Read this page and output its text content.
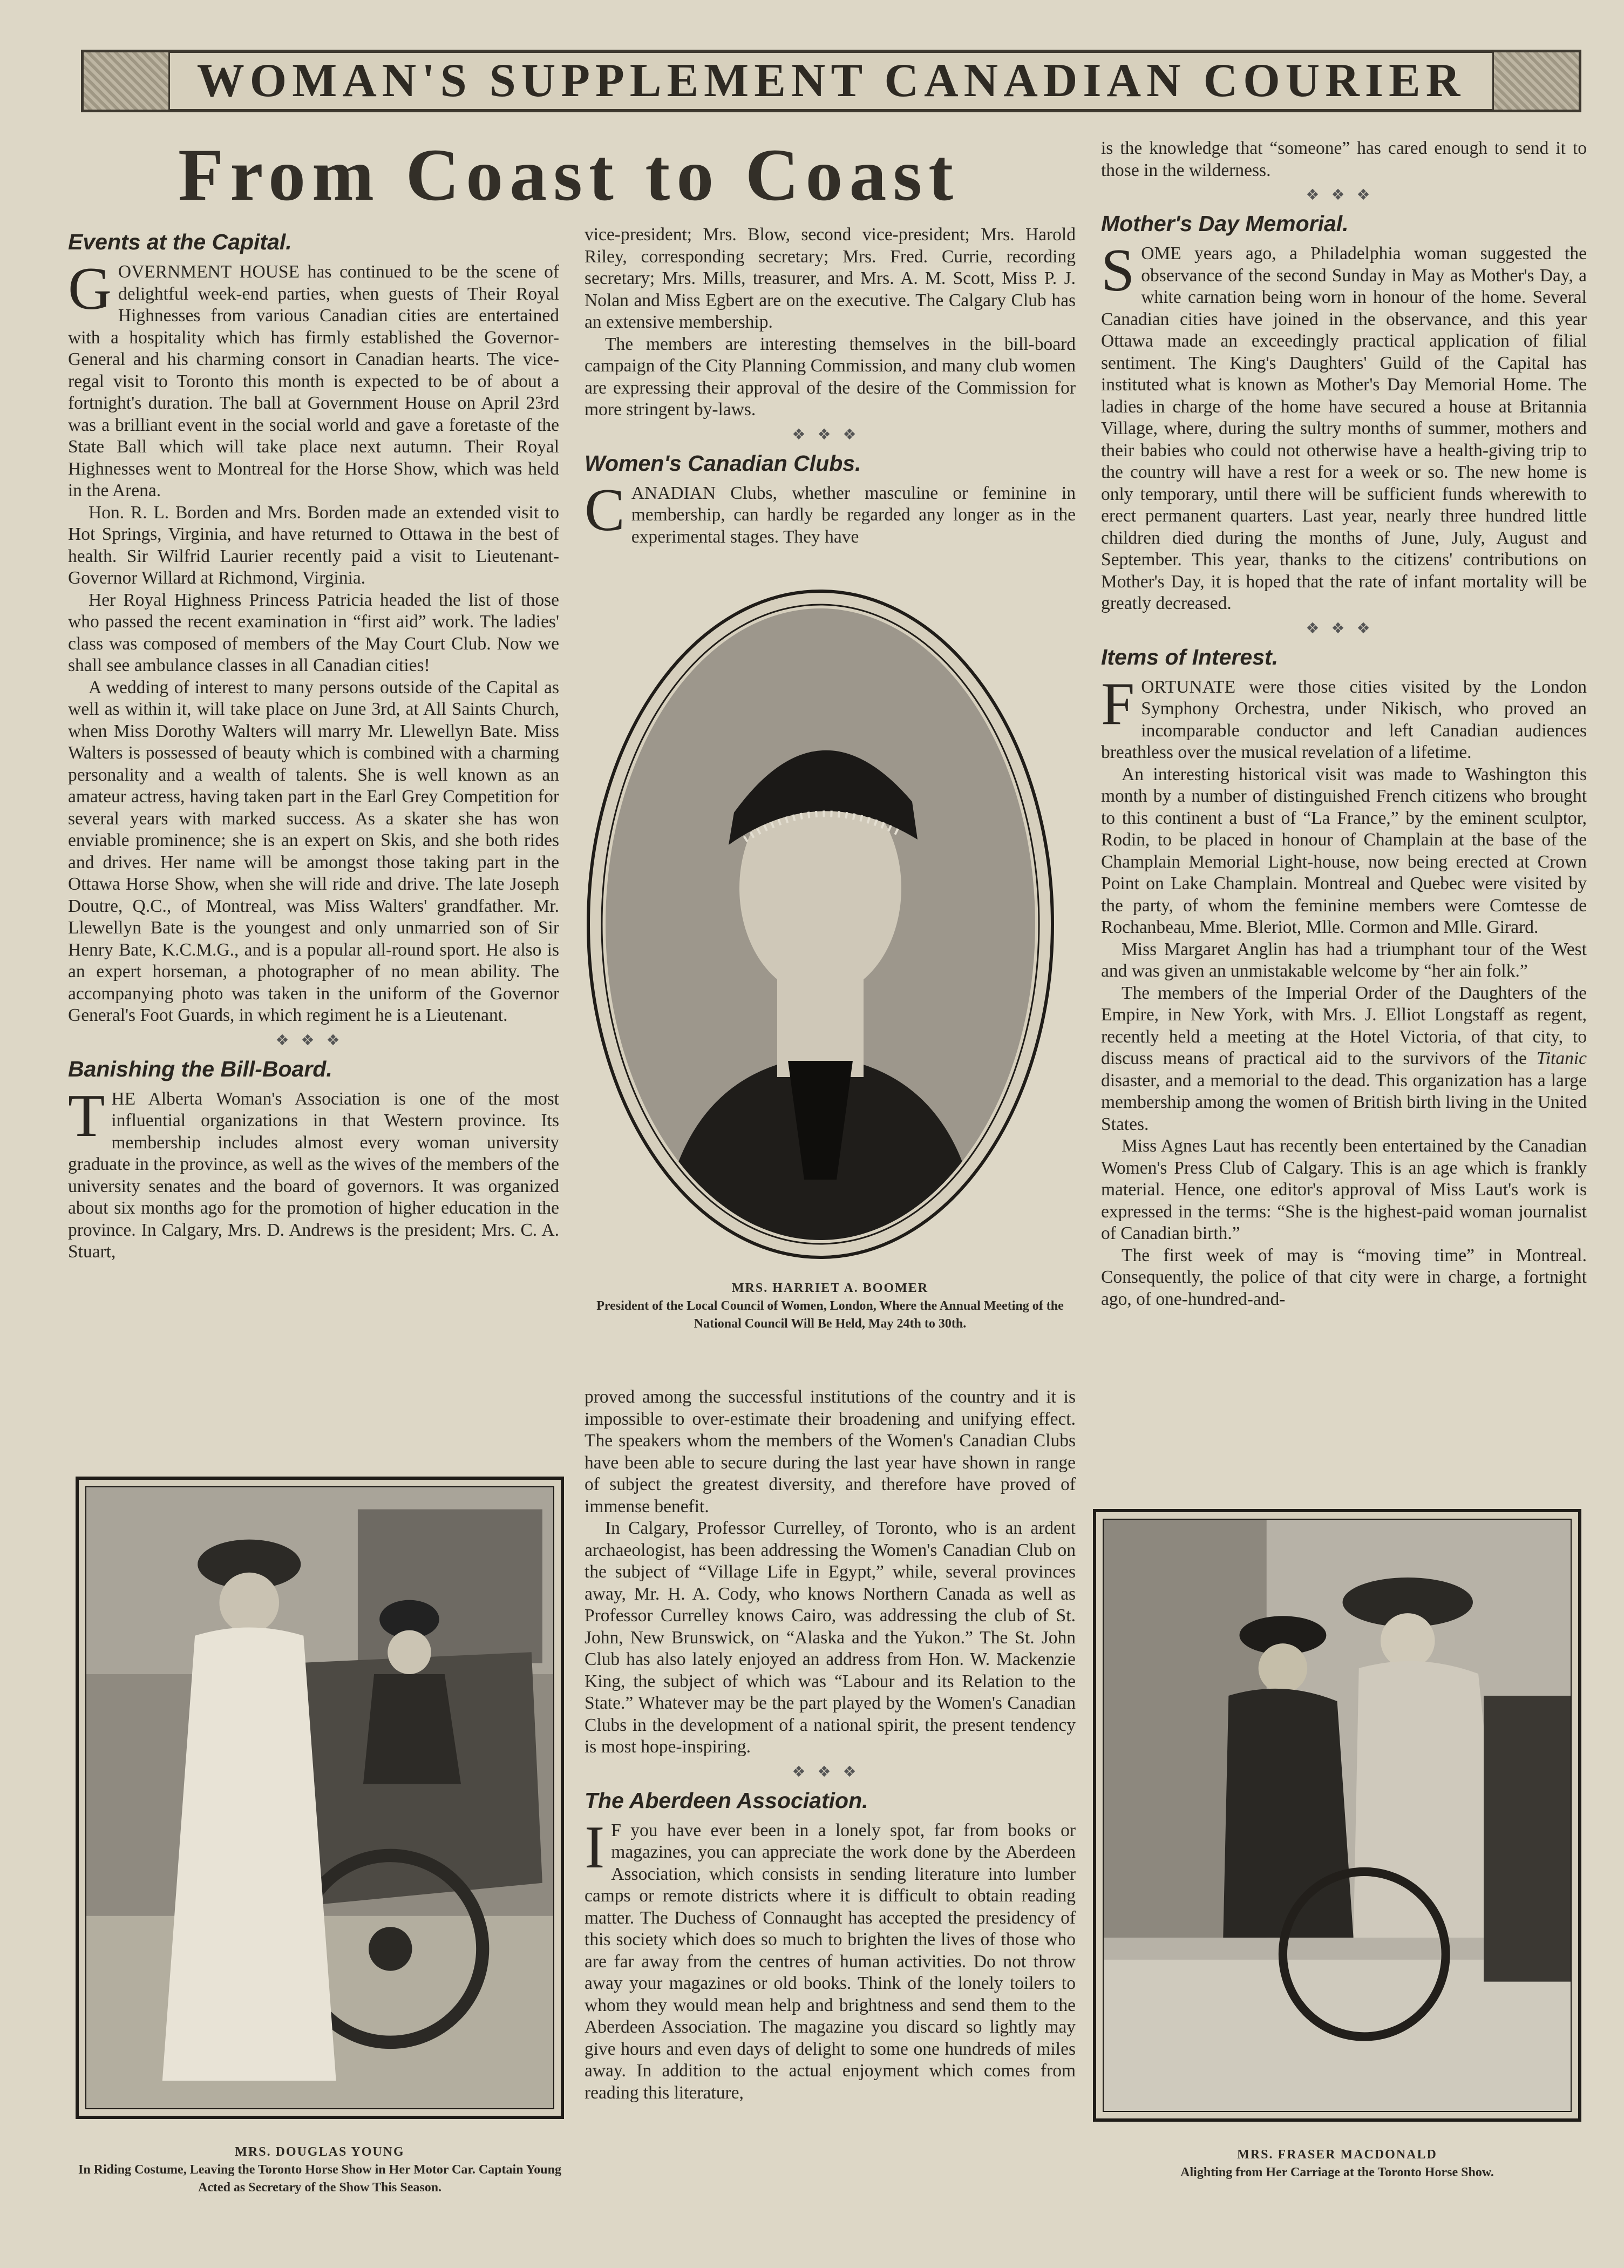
WOMAN'S SUPPLEMENT CANADIAN COURIER
From Coast to Coast
Events at the Capital.
G OVERNMENT HOUSE has continued to be the scene of delightful week-end parties, when guests of Their Royal Highnesses from various Canadian cities are entertained with a hospitality which has firmly established the Governor-General and his charming consort in Canadian hearts. The vice-regal visit to Toronto this month is expected to be of about a fortnight's duration. The ball at Government House on April 23rd was a brilliant event in the social world and gave a foretaste of the State Ball which will take place next autumn. Their Royal Highnesses went to Montreal for the Horse Show, which was held in the Arena.

Hon. R. L. Borden and Mrs. Borden made an extended visit to Hot Springs, Virginia, and have returned to Ottawa in the best of health. Sir Wilfrid Laurier recently paid a visit to Lieutenant-Governor Willard at Richmond, Virginia.

Her Royal Highness Princess Patricia headed the list of those who passed the recent examination in “first aid” work. The ladies' class was composed of members of the May Court Club. Now we shall see ambulance classes in all Canadian cities!

A wedding of interest to many persons outside of the Capital as well as within it, will take place on June 3rd, at All Saints Church, when Miss Dorothy Walters will marry Mr. Llewellyn Bate. Miss Walters is possessed of beauty which is combined with a charming personality and a wealth of talents. She is well known as an amateur actress, having taken part in the Earl Grey Competition for several years with marked success. As a skater she has won enviable prominence; she is an expert on Skis, and she both rides and drives. Her name will be amongst those taking part in the Ottawa Horse Show, when she will ride and drive. The late Joseph Doutre, Q.C., of Montreal, was Miss Walters' grandfather. Mr. Llewellyn Bate is the youngest and only unmarried son of Sir Henry Bate, K.C.M.G., and is a popular all-round sport. He also is an expert horseman, a photographer of no mean ability. The accompanying photo was taken in the uniform of the Governor General's Foot Guards, in which regiment he is a Lieutenant.

❖❖❖
Banishing the Bill-Board.
T HE Alberta Woman's Association is one of the most influential organizations in that Western province. Its membership includes almost every woman university graduate in the province, as well as the wives of the members of the university senates and the board of governors. It was organized about six months ago for the promotion of higher education in the province. In Calgary, Mrs. D. Andrews is the president; Mrs. C. A. Stuart,

MRS. DOUGLAS YOUNG
In Riding Costume, Leaving the Toronto Horse Show in Her Motor Car. Captain Young Acted as Secretary of the Show This Season.

vice-president; Mrs. Blow, second vice-president; Mrs. Harold Riley, corresponding secretary; Mrs. Fred. Currie, recording secretary; Mrs. Mills, treasurer, and Mrs. A. M. Scott, Miss P. J. Nolan and Miss Egbert are on the executive. The Calgary Club has an extensive membership.

The members are interesting themselves in the bill-board campaign of the City Planning Commission, and many club women are expressing their approval of the desire of the Commission for more stringent by-laws.

❖❖❖
Women's Canadian Clubs.
C ANADIAN Clubs, whether masculine or feminine in membership, can hardly be regarded any longer as in the experimental stages. They have

MRS. HARRIET A. BOOMER
President of the Local Council of Women, London, Where the Annual Meeting of the National Council Will Be Held, May 24th to 30th.

proved among the successful institutions of the country and it is impossible to over-estimate their broadening and unifying effect. The speakers whom the members of the Women's Canadian Clubs have been able to secure during the last year have shown in range of subject the greatest diversity, and therefore have proved of immense benefit.

In Calgary, Professor Currelley, of Toronto, who is an ardent archaeologist, has been addressing the Women's Canadian Club on the subject of “Village Life in Egypt,” while, several provinces away, Mr. H. A. Cody, who knows Northern Canada as well as Professor Currelley knows Cairo, was addressing the club of St. John, New Brunswick, on “Alaska and the Yukon.” The St. John Club has also lately enjoyed an address from Hon. W. Mackenzie King, the subject of which was “Labour and its Relation to the State.” Whatever may be the part played by the Women's Canadian Clubs in the development of a national spirit, the present tendency is most hope-inspiring.

❖❖❖
The Aberdeen Association.
I F you have ever been in a lonely spot, far from books or magazines, you can appreciate the work done by the Aberdeen Association, which consists in sending literature into lumber camps or remote districts where it is difficult to obtain reading matter. The Duchess of Connaught has accepted the presidency of this society which does so much to brighten the lives of those who are far away from the centres of human activities. Do not throw away your magazines or old books. Think of the lonely toilers to whom they would mean help and brightness and send them to the Aberdeen Association. The magazine you discard so lightly may give hours and even days of delight to some one hundreds of miles away. In addition to the actual enjoyment which comes from reading this literature,

is the knowledge that “someone” has cared enough to send it to those in the wilderness.

❖❖❖
Mother's Day Memorial.
S OME years ago, a Philadelphia woman suggested the observance of the second Sunday in May as Mother's Day, a white carnation being worn in honour of the home. Several Canadian cities have joined in the observance, and this year Ottawa made an exceedingly practical application of filial sentiment. The King's Daughters' Guild of the Capital has instituted what is known as Mother's Day Memorial Home. The ladies in charge of the home have secured a house at Britannia Village, where, during the sultry months of summer, mothers and their babies who could not otherwise have a health-giving trip to the country will have a rest for a week or so. The new home is only temporary, until there will be sufficient funds wherewith to erect permanent quarters. Last year, nearly three hundred little children died during the months of June, July, August and September. This year, thanks to the citizens' contributions on Mother's Day, it is hoped that the rate of infant mortality will be greatly decreased.

❖❖❖
Items of Interest.
F ORTUNATE were those cities visited by the London Symphony Orchestra, under Nikisch, who proved an incomparable conductor and left Canadian audiences breathless over the musical revelation of a lifetime.

An interesting historical visit was made to Washington this month by a number of distinguished French citizens who brought to this continent a bust of “La France,” by the eminent sculptor, Rodin, to be placed in honour of Champlain at the base of the Champlain Memorial Light-house, now being erected at Crown Point on Lake Champlain. Montreal and Quebec were visited by the party, of whom the feminine members were Comtesse de Rochanbeau, Mme. Bleriot, Mlle. Cormon and Mlle. Girard.

Miss Margaret Anglin has had a triumphant tour of the West and was given an unmistakable welcome by “her ain folk.”

The members of the Imperial Order of the Daughters of the Empire, in New York, with Mrs. J. Elliot Longstaff as regent, recently held a meeting at the Hotel Victoria, of that city, to discuss means of practical aid to the survivors of the Titanic disaster, and a memorial to the dead. This organization has a large membership among the women of British birth living in the United States.

Miss Agnes Laut has recently been entertained by the Canadian Women's Press Club of Calgary. This is an age which is frankly material. Hence, one editor's approval of Miss Laut's work is expressed in the terms: “She is the highest-paid woman journalist of Canadian birth.”

The first week of may is “moving time” in Montreal. Consequently, the police of that city were in charge, a fortnight ago, of one-hundred-and-

MRS. FRASER MACDONALD
Alighting from Her Carriage at the Toronto Horse Show.
